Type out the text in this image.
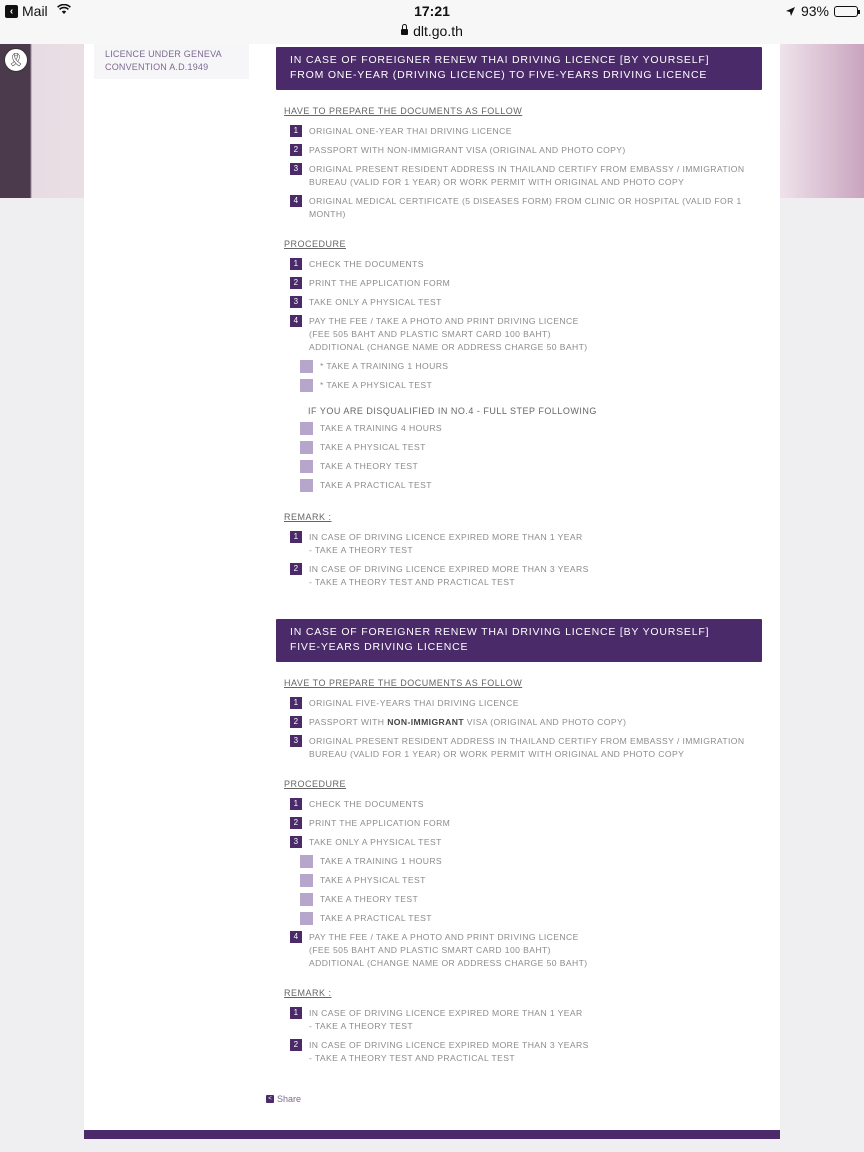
‹ Mail	17:21	93%
dlt.go.th
🎗	LICENCE UNDER GENEVA
CONVENTION A.D.1949
IN CASE OF FOREIGNER RENEW THAI DRIVING LICENCE [BY YOURSELF]
FROM ONE-YEAR (DRIVING LICENCE) TO FIVE-YEARS DRIVING LICENCE
HAVE TO PREPARE THE DOCUMENTS AS FOLLOW
1	ORIGINAL ONE-YEAR THAI DRIVING LICENCE
2	PASSPORT WITH NON-IMMIGRANT VISA (ORIGINAL AND PHOTO COPY)
3	ORIGINAL PRESENT RESIDENT ADDRESS IN THAILAND CERTIFY FROM EMBASSY / IMMIGRATION
BUREAU (VALID FOR 1 YEAR) OR WORK PERMIT WITH ORIGINAL AND PHOTO COPY
4	ORIGINAL MEDICAL CERTIFICATE (5 DISEASES FORM) FROM CLINIC OR HOSPITAL (VALID FOR 1 MONTH)
PROCEDURE
1	CHECK THE DOCUMENTS
2	PRINT THE APPLICATION FORM
3	TAKE ONLY A PHYSICAL TEST
4	PAY THE FEE / TAKE A PHOTO AND PRINT DRIVING LICENCE
(FEE 505 BAHT AND PLASTIC SMART CARD 100 BAHT)
ADDITIONAL (CHANGE NAME OR ADDRESS CHARGE 50 BAHT)
* TAKE A TRAINING 1 HOURS
* TAKE A PHYSICAL TEST
IF YOU ARE DISQUALIFIED IN NO.4 - FULL STEP FOLLOWING
TAKE A TRAINING 4 HOURS
TAKE A PHYSICAL TEST
TAKE A THEORY TEST
TAKE A PRACTICAL TEST
REMARK :
1	IN CASE OF DRIVING LICENCE EXPIRED MORE THAN 1 YEAR
- TAKE A THEORY TEST
2	IN CASE OF DRIVING LICENCE EXPIRED MORE THAN 3 YEARS
- TAKE A THEORY TEST AND PRACTICAL TEST
IN CASE OF FOREIGNER RENEW THAI DRIVING LICENCE [BY YOURSELF]
FIVE-YEARS DRIVING LICENCE
HAVE TO PREPARE THE DOCUMENTS AS FOLLOW
1	ORIGINAL FIVE-YEARS THAI DRIVING LICENCE
2	PASSPORT WITH NON-IMMIGRANT VISA (ORIGINAL AND PHOTO COPY)
3	ORIGINAL PRESENT RESIDENT ADDRESS IN THAILAND CERTIFY FROM EMBASSY / IMMIGRATION
BUREAU (VALID FOR 1 YEAR) OR WORK PERMIT WITH ORIGINAL AND PHOTO COPY
PROCEDURE
1	CHECK THE DOCUMENTS
2	PRINT THE APPLICATION FORM
3	TAKE ONLY A PHYSICAL TEST
TAKE A TRAINING 1 HOURS
TAKE A PHYSICAL TEST
TAKE A THEORY TEST
TAKE A PRACTICAL TEST
4	PAY THE FEE / TAKE A PHOTO AND PRINT DRIVING LICENCE
(FEE 505 BAHT AND PLASTIC SMART CARD 100 BAHT)
ADDITIONAL (CHANGE NAME OR ADDRESS CHARGE 50 BAHT)
REMARK :
1	IN CASE OF DRIVING LICENCE EXPIRED MORE THAN 1 YEAR
- TAKE A THEORY TEST
2	IN CASE OF DRIVING LICENCE EXPIRED MORE THAN 3 YEARS
- TAKE A THEORY TEST AND PRACTICAL TEST
< Share
